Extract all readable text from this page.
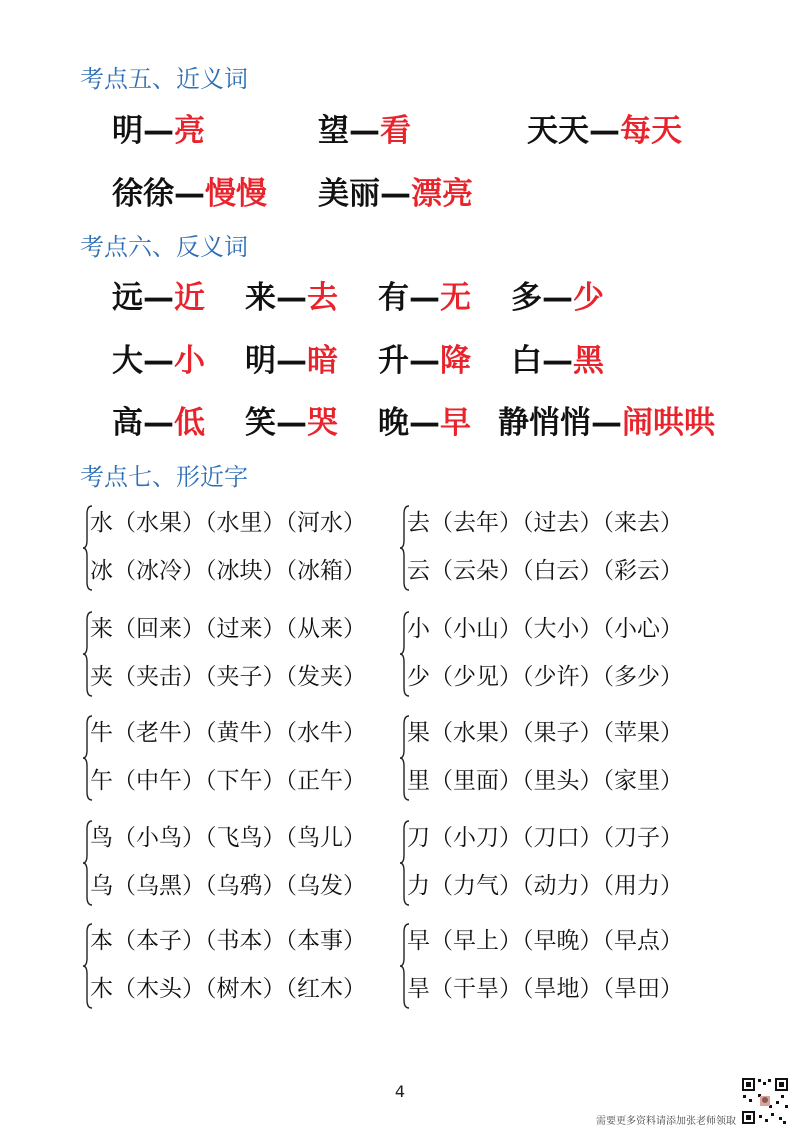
考点五、近义词
明—亮	望—看	天天—每天
徐徐—慢慢 美丽—漂亮
考点六、反义词
远—近 来—去 有—无 多—少
大—小 明—暗 升—降 白—黑
高—低 笑—哭 晚—早 静悄悄—闹哄哄
考点七、形近字
水（水果）（水里）（河水）
冰（冰冷）（冰块）（冰箱）
来（回来）（过来）（从来）
夹（夹击）（夹子）（发夹）
牛（老牛）（黄牛）（水牛）
午（中午）（下午）（正午）
鸟（小鸟）（飞鸟）（鸟儿）
乌（乌黑）（乌鸦）（乌发）
本（本子）（书本）（本事）
木（木头）（树木）（红木）
去（去年）（过去）（来去）
云（云朵）（白云）（彩云）
小（小山）（大小）（小心）
少（少见）（少许）（多少）
果（水果）（果子）（苹果）
里（里面）（里头）（家里）
刀（小刀）（刀口）（刀子）
力（力气）（动力）（用力）
早（早上）（早晚）（早点）
旱（干旱）（旱地）（旱田）
4
需要更多资料请添加张老师领取
